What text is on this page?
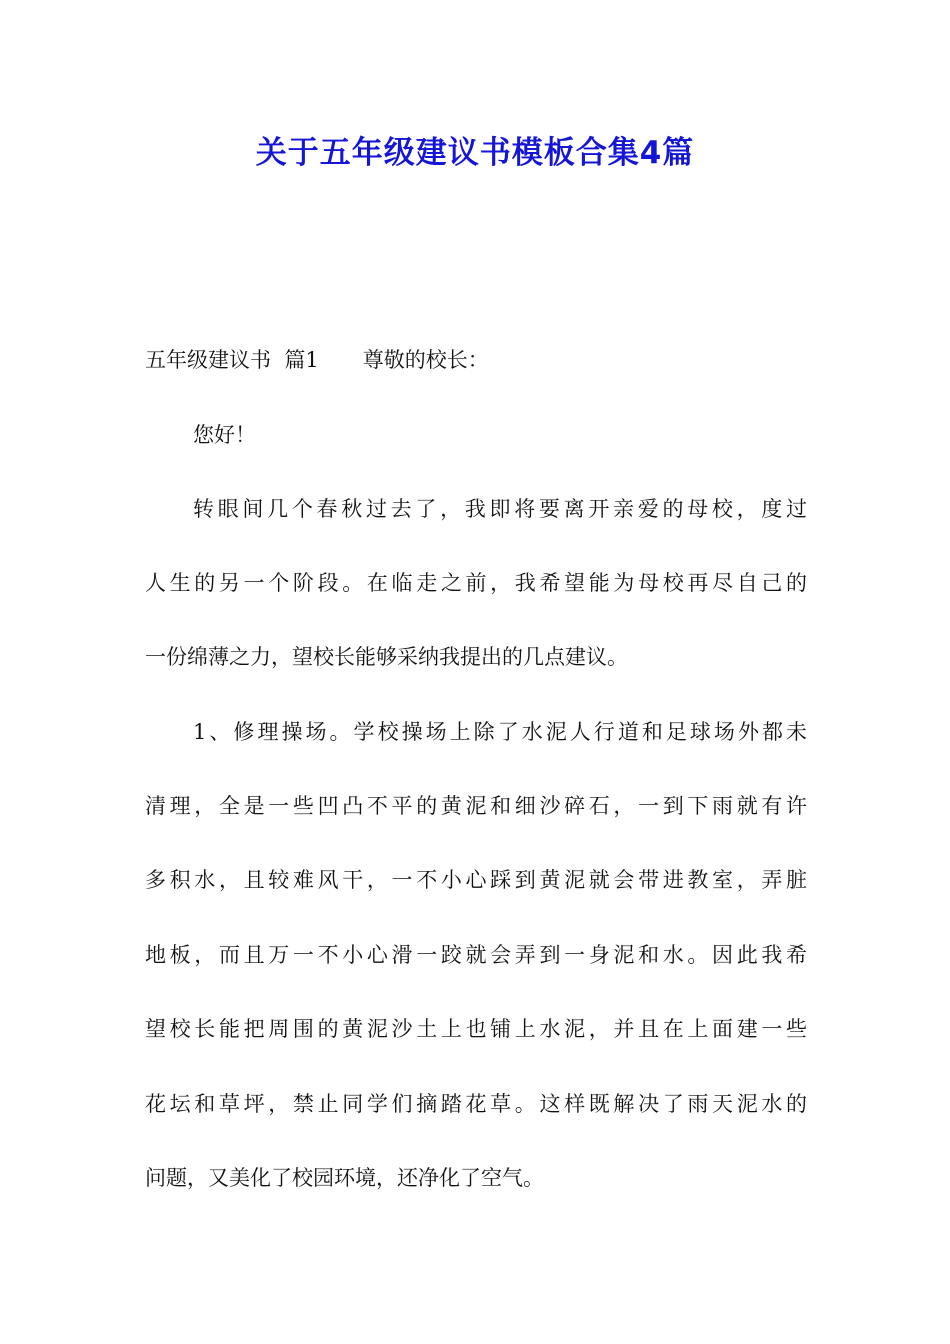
关于五年级建议书模板合集4篇
五年级建议书  篇1 尊敬的校长：
您好！
转眼间几个春秋过去了，我即将要离开亲爱的母校，度过
人生的另一个阶段。在临走之前，我希望能为母校再尽自己的
一份绵薄之力，望校长能够采纳我提出的几点建议。
1、修理操场。学校操场上除了水泥人行道和足球场外都未
清理，全是一些凹凸不平的黄泥和细沙碎石，一到下雨就有许
多积水，且较难风干，一不小心踩到黄泥就会带进教室，弄脏
地板，而且万一不小心滑一跤就会弄到一身泥和水。因此我希
望校长能把周围的黄泥沙土上也铺上水泥，并且在上面建一些
花坛和草坪，禁止同学们摘踏花草。这样既解决了雨天泥水的
问题，又美化了校园环境，还净化了空气。
